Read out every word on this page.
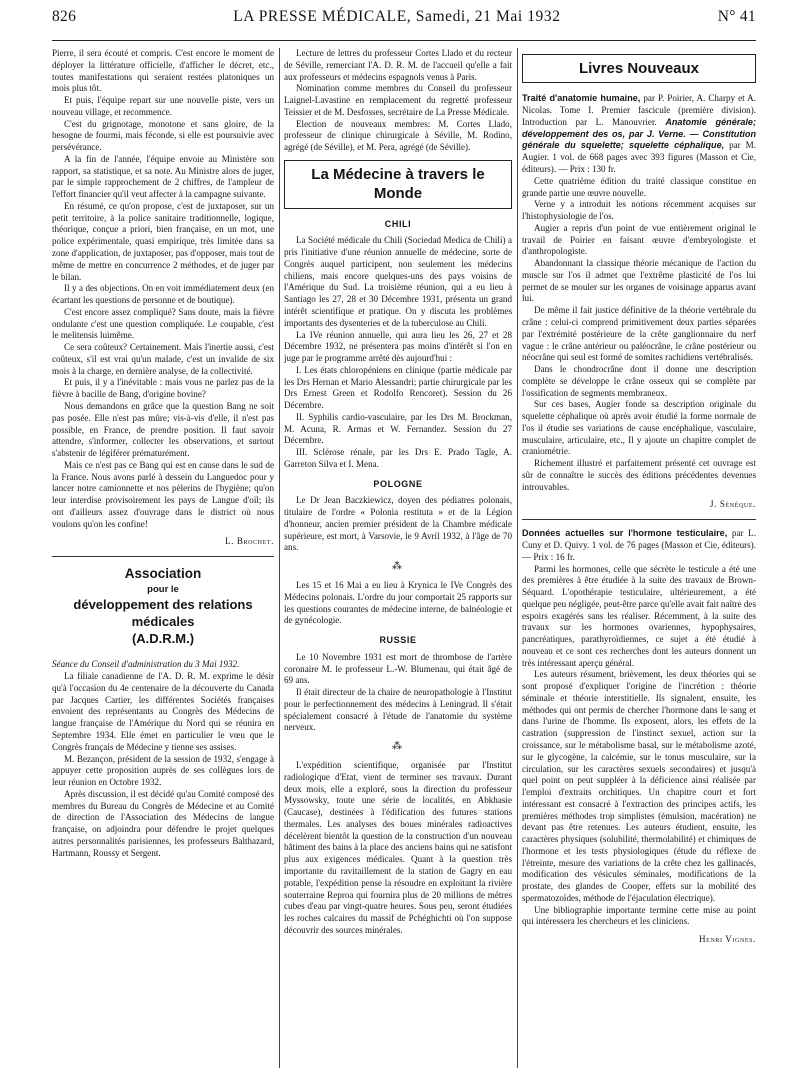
826	LA PRESSE MÉDICALE, Samedi, 21 Mai 1932	N° 41

Pierre, il sera écouté et compris. C'est encore le moment de déployer la littérature officielle, d'afficher le décret, etc., toutes manifestations qui seraient restées platoniques un mois plus tôt.

Et puis, l'équipe repart sur une nouvelle piste, vers un nouveau village, et recommence.

C'est du grignotage, monotone et sans gloire, de la besogne de fourmi, mais féconde, si elle est poursuivie avec persévérance.

A la fin de l'année, l'équipe envoie au Ministère son rapport, sa statistique, et sa note. Au Ministre alors de juger, par le simple rapprochement de 2 chiffres, de l'ampleur de l'effort financier qu'il veut affecter à la campagne suivante.

En résumé, ce qu'on propose, c'est de juxtaposer, sur un petit territoire, à la police sanitaire traditionnelle, logique, théorique, conçue a priori, bien française, en un mot, une police expérimentale, quasi empirique, très limitée dans sa zone d'application, de juxtaposer, pas d'opposer, mais tout de même de mettre en concurrence 2 méthodes, et de juger par le bilan.

Il y a des objections. On en voit immédiatement deux (en écartant les questions de personne et de boutique).

C'est encore assez compliqué? Sans doute, mais la fièvre ondulante c'est une question compliquée. Le coupable, c'est le melitensis luimême.

Ce sera coûteux? Certainement. Mais l'inertie aussi, c'est coûteux, s'il est vrai qu'un malade, c'est un invalide de six mois à la charge, en dernière analyse, de la collectivité.

Et puis, il y a l'inévitable : mais vous ne parlez pas de la fièvre à bacille de Bang, d'origine bovine?

Nous demandons en grâce que la question Bang ne soit pas posée. Elle n'est pas mûre; vis-à-vis d'elle, il n'est pas possible, en France, de prendre position. Il faut savoir attendre, s'informer, collecter les observations, et surtout s'abstenir de légiférer prématurément.

Mais ce n'est pas ce Bang qui est en cause dans le sud de la France. Nous avons parlé à dessein du Languedoc pour y lancer notre camionnette et nos pèlerins de l'hygiène; qu'on leur interdise provisoirement les pays de Langue d'oïl; ils ont d'ailleurs assez d'ouvrage dans le district où nous voulons qu'on les confine!

L. Brochet.
Association
pour le
développement des relations médicales
(A.D.R.M.)

Séance du Conseil d'administration du 3 Mai 1932.

La filiale canadienne de l'A. D. R. M. exprime le désir qu'à l'occasion du 4e centenaire de la découverte du Canada par Jacques Cartier, les différentes Sociétés françaises envoient des représentants au Congrès des Médecins de langue française de l'Amérique du Nord qui se réunira en Septembre 1934. Elle émet en particulier le vœu que le Congrès français de Médecine y tienne ses assises.

M. Bezançon, président de la session de 1932, s'engage à appuyer cette proposition auprès de ses collègues lors de leur réunion en Octobre 1932.

Après discussion, il est décidé qu'au Comité composé des membres du Bureau du Congrès de Médecine et au Comité de direction de l'Association des Médecins de langue française, on adjoindra pour défendre le projet quelques autres personnalités parisiennes, les professeurs Balthazard, Hartmann, Roussy et Sergent.

Lecture de lettres du professeur Cortes Llado et du recteur de Séville, remerciant l'A. D. R. M. de l'accueil qu'elle a fait aux professeurs et médecins espagnols venus à Paris.

Nomination comme membres du Conseil du professeur Laignel-Lavastine en remplacement du regretté professeur Teissier et de M. Desfosses, secrétaire de La Presse Médicale.

Election de nouveaux membres: M. Cortes Llado, professeur de clinique chirurgicale à Séville, M. Rodino, agrégé (de Séville), et M. Pera, agrégé (de Séville).

La Médecine à travers le Monde
CHILI

La Société médicale du Chili (Sociedad Medica de Chili) a pris l'initiative d'une réunion annuelle de médecine, sorte de Congrès auquel participent, non seulement les médecins chiliens, mais encore quelques-uns des pays voisins de l'Amérique du Sud. La troisième réunion, qui a eu lieu à Santiago les 27, 28 et 30 Décembre 1931, présenta un grand intérêt scientifique et pratique. On y discuta les problèmes importants des dysenteries et de la tuberculose au Chili.

La IVe réunion annuelle, qui aura lieu les 26, 27 et 28 Décembre 1932, ne présentera pas moins d'intérêt si l'on en juge par le programme arrêté dès aujourd'hui :

I. Les états chloropéniens en clinique (partie médicale par les Drs Hernan et Mario Alessandri; partie chirurgicale par les Drs Ernest Green et Rodolfo Rencoret). Session du 26 Décembre.

II. Syphilis cardio-vasculaire, par les Drs M. Brockman, M. Acuna, R. Armas et W. Fernandez. Session du 27 Décembre.

III. Sclérose rénale, par les Drs E. Prado Tagle, A. Garreton Silva et I. Mena.

POLOGNE

Le Dr Jean Baczkiewicz, doyen des pédiatres polonais, titulaire de l'ordre « Polonia restituta » et de la Légion d'honneur, ancien premier président de la Chambre médicale supérieure, est mort, à Varsovie, le 9 Avril 1932, à l'âge de 70 ans.

⁂

Les 15 et 16 Mai a eu lieu à Krynica le IVe Congrès des Médecins polonais. L'ordre du jour comportait 25 rapports sur les questions courantes de médecine interne, de balnéologie et de gynécologie.

RUSSIE

Le 10 Novembre 1931 est mort de thrombose de l'artère coronaire M. le professeur L.-W. Blumenau, qui était âgé de 69 ans.

Il était directeur de la chaire de neuropathologie à l'Institut pour le perfectionnement des médecins à Leningrad. Il s'était spécialement consacré à l'étude de l'anatomie du système nerveux.

⁂

L'expédition scientifique, organisée par l'Institut radiologique d'Etat, vient de terminer ses travaux. Durant deux mois, elle a exploré, sous la direction du professeur Myssowsky, toute une série de localités, en Abkhasie (Caucase), destinées à l'édification des futures stations thermales. Les analyses des boues minérales radioactives décelèrent bientôt la question de la construction d'un nouveau bâtiment des bains à la place des anciens bains qui ne satisfont plus aux exigences médicales. Quant à la question très importante du ravitaillement de la station de Gagry en eau potable, l'expédition pense la résoudre en exploitant la rivière souterraine Reproa qui fournira plus de 20 millions de mètres cubes d'eau par vingt-quatre heures. Sous peu, seront étudiées les roches calcaires du massif de Pchéghichti où l'on suppose découvrir des sources minérales.

Livres Nouveaux

Traité d'anatomie humaine, par P. Poirier, A. Charpy et A. Nicolas. Tome I. Premier fascicule (première division). Introduction par L. Manouvrier. Anatomie générale; développement des os, par J. Verne. — Constitution générale du squelette; squelette céphalique, par M. Augier. 1 vol. de 668 pages avec 393 figures (Masson et Cie, éditeurs). — Prix : 130 fr.

Cette quatrième édition du traité classique constitue en grande partie une œuvre nouvelle.

Verne y a introduit les notions récemment acquises sur l'histophysiologie de l'os.

Augier a repris d'un point de vue entièrement original le travail de Poirier en faisant œuvre d'embryologiste et d'anthropologiste.

Abandonnant la classique théorie mécanique de l'action du muscle sur l'os il admet que l'extrême plasticité de l'os lui permet de se mouler sur les organes de voisinage apparus avant lui.

De même il fait justice définitive de la théorie vertébrale du crâne : celui-ci comprend primitivement deux parties séparées par l'extrémité postérieure de la crête ganglionnaire du nerf vague : le crâne antérieur ou paléocrâne, le crâne postérieur ou néocrâne qui seul est formé de somites rachidiens vertébralisés.

Dans le chondrocrâne dont il donne une description complète se développe le crâne osseux qui se complète par l'ossification de segments membraneux.

Sur ces bases, Augier fonde sa description originale du squelette céphalique où après avoir étudié la forme normale de l'os il étudie ses variations de cause encéphalique, vasculaire, musculaire, articulaire, etc., Il y ajoute un chapitre complet de craniométrie.

Richement illustré et parfaitement présenté cet ouvrage est sûr de connaître le succès des éditions précédentes devenues introuvables.

J. Sénèque.

Données actuelles sur l'hormone testiculaire, par L. Cuny et D. Quivy. 1 vol. de 76 pages (Masson et Cie, éditeurs). — Prix : 16 fr.

Parmi les hormones, celle que sécrète le testicule a été une des premières à être étudiée à la suite des travaux de Brown-Séquard. L'opothérapie testiculaire, ultérieurement, a été quelque peu négligée, peut-être parce qu'elle avait fait naître des espoirs exagérés sans les réaliser. Récemment, à la suite des travaux sur les hormones ovariennes, hypophysaires, pancréatiques, parathyroïdiennes, ce sujet a été étudié à nouveau et ce sont ces recherches dont les auteurs donnent un très intéressant aperçu général.

Les auteurs résument, brièvement, les deux théories qui se sont proposé d'expliquer l'origine de l'incrétion : théorie séminale et théorie interstitielle. Ils signalent, ensuite, les méthodes qui ont permis de chercher l'hormone dans le sang et dans l'urine de l'homme. Ils exposent, alors, les effets de la castration (suppression de l'instinct sexuel, action sur la croissance, sur le métabolisme basal, sur le métabolisme azoté, sur le glycogène, la calcémie, sur le tonus musculaire, sur la circulation, sur les caractères sexuels secondaires) et jusqu'à quel point on peut suppléer à la déficience ainsi réalisée par l'emploi d'extraits orchitiques. Un chapitre court et fort intéressant est consacré à l'extraction des principes actifs, les premières méthodes trop simplistes (émulsion, macération) ne devant pas être retenues. Les auteurs étudient, ensuite, les caractères physiques (solubilité, thermolabilité) et chimiques de l'hormone et les tests physiologiques (étude du réflexe de l'étreinte, mesure des variations de la crête chez les gallinacés, modification des vésicules séminales, modifications de la prostate, des glandes de Cooper, effets sur la mobilité des spermatozoïdes, méthode de l'éjaculation électrique).

Une bibliographie importante termine cette mise au point qui intéressera les chercheurs et les cliniciens.

Henri Vignes.
